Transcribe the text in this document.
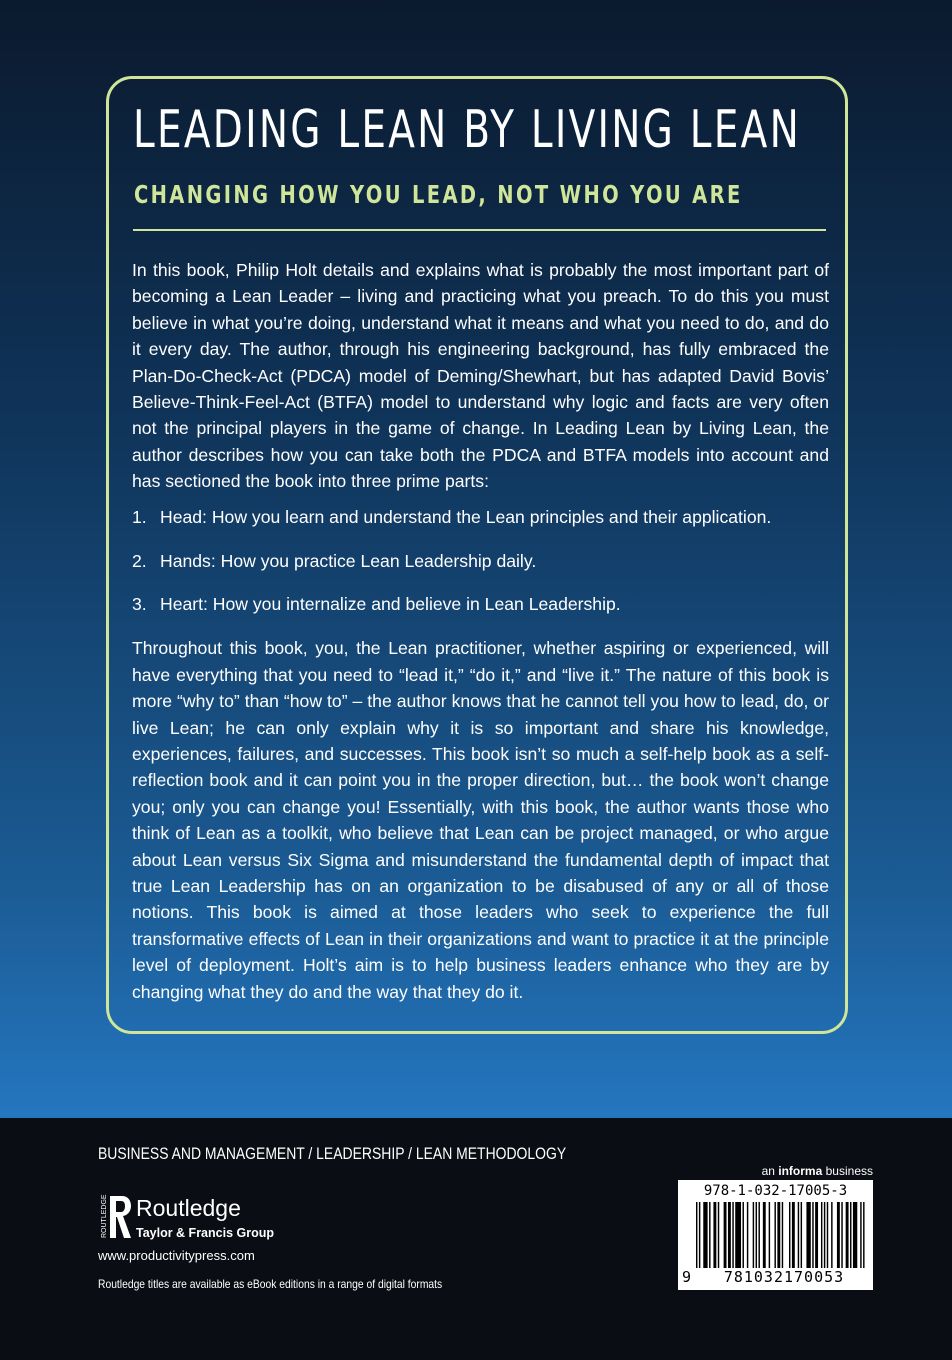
LEADING LEAN BY LIVING LEAN
CHANGING HOW YOU LEAD, NOT WHO YOU ARE

In this book, Philip Holt details and explains what is probably the most important part of becoming a Lean Leader – living and practicing what you preach. To do this you must believe in what you’re doing, understand what it means and what you need to do, and do it every day. The author, through his engineering background, has fully embraced the Plan-Do-Check-Act (PDCA) model of Deming/Shewhart, but has adapted David Bovis’ Believe-Think-Feel-Act (BTFA) model to understand why logic and facts are very often not the principal players in the game of change. In Leading Lean by Living Lean, the author describes how you can take both the PDCA and BTFA models into account and has sectioned the book into three prime parts:

1. Head: How you learn and understand the Lean principles and their application.
2. Hands: How you practice Lean Leadership daily.
3. Heart: How you internalize and believe in Lean Leadership.

Throughout this book, you, the Lean practitioner, whether aspiring or experienced, will have everything that you need to “lead it,” “do it,” and “live it.” The nature of this book is more “why to” than “how to” – the author knows that he cannot tell you how to lead, do, or live Lean; he can only explain why it is so important and share his knowledge, experiences, failures, and successes. This book isn’t so much a self-help book as a self-reflection book and it can point you in the proper direction, but… the book won’t change you; only you can change you! Essentially, with this book, the author wants those who think of Lean as a toolkit, who believe that Lean can be project managed, or who argue about Lean versus Six Sigma and misunderstand the fundamental depth of impact that true Lean Leadership has on an organization to be disabused of any or all of those notions. This book is aimed at those leaders who seek to experience the full transformative effects of Lean in their organizations and want to practice it at the principle level of deployment. Holt’s aim is to help business leaders enhance who they are by changing what they do and the way that they do it.

BUSINESS AND MANAGEMENT / LEADERSHIP / LEAN METHODOLOGY
ROUTLEDGE Routledge
Taylor & Francis Group
www.productivitypress.com
Routledge titles are available as eBook editions in a range of digital formats
an informa business
978-1-032-17005-3
9	781032170053
